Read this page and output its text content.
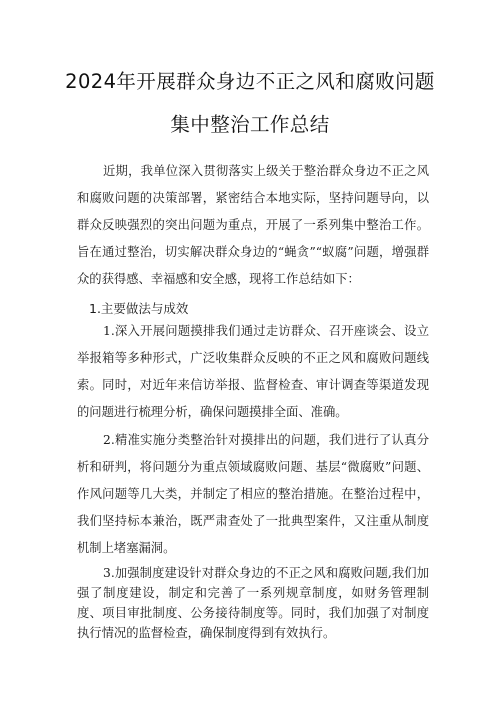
2024年开展群众身边不正之风和腐败问题
集中整治工作总结
近期，我单位深入贯彻落实上级关于整治群众身边不正之风和腐败问题的决策部署，紧密结合本地实际，坚持问题导向，以群众反映强烈的突出问题为重点，开展了一系列集中整治工作。旨在通过整治，切实解决群众身边的“蝇贪”“蚁腐”问题，增强群众的获得感、幸福感和安全感，现将工作总结如下：
1.主要做法与成效
1.深入开展问题摸排我们通过走访群众、召开座谈会、设立举报箱等多种形式，广泛收集群众反映的不正之风和腐败问题线索。同时，对近年来信访举报、监督检查、审计调查等渠道发现的问题进行梳理分析，确保问题摸排全面、准确。
2.精准实施分类整治针对摸排出的问题，我们进行了认真分析和研判，将问题分为重点领域腐败问题、基层“微腐败”问题、作风问题等几大类，并制定了相应的整治措施。在整治过程中，我们坚持标本兼治，既严肃查处了一批典型案件，又注重从制度机制上堵塞漏洞。
3.加强制度建设针对群众身边的不正之风和腐败问题,我们加强了制度建设，制定和完善了一系列规章制度，如财务管理制度、项目审批制度、公务接待制度等。同时，我们加强了对制度执行情况的监督检查，确保制度得到有效执行。
